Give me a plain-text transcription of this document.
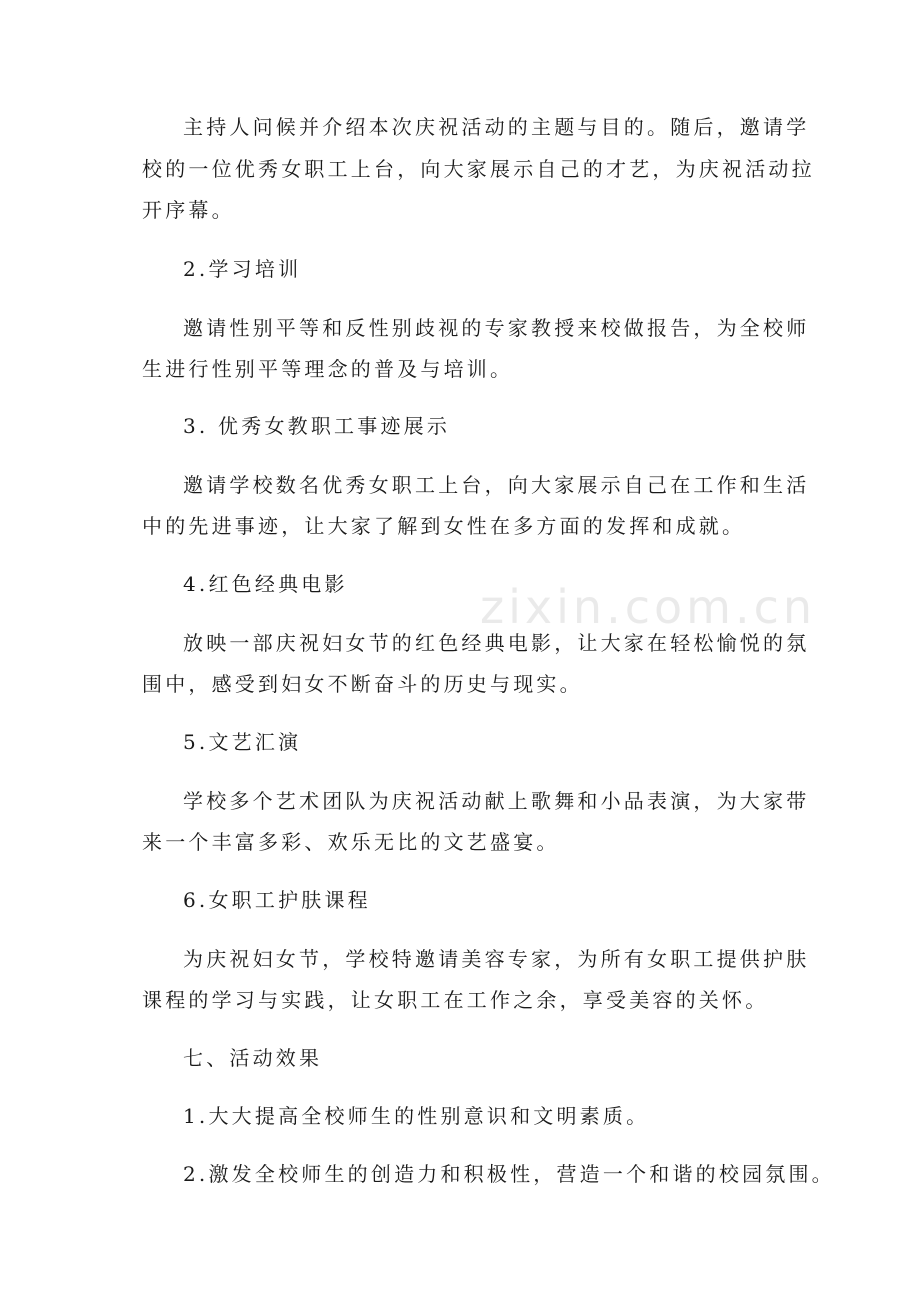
zixin.com.cn
主持人问候并介绍本次庆祝活动的主题与目的。随后，邀请学
校的一位优秀女职工上台，向大家展示自己的才艺，为庆祝活动拉
开序幕。
2.学习培训
邀请性别平等和反性别歧视的专家教授来校做报告，为全校师
生进行性别平等理念的普及与培训。
3. 优秀女教职工事迹展示
邀请学校数名优秀女职工上台，向大家展示自己在工作和生活
中的先进事迹，让大家了解到女性在多方面的发挥和成就。
4.红色经典电影
放映一部庆祝妇女节的红色经典电影，让大家在轻松愉悦的氛
围中，感受到妇女不断奋斗的历史与现实。
5.文艺汇演
学校多个艺术团队为庆祝活动献上歌舞和小品表演，为大家带
来一个丰富多彩、欢乐无比的文艺盛宴。
6.女职工护肤课程
为庆祝妇女节，学校特邀请美容专家，为所有女职工提供护肤
课程的学习与实践，让女职工在工作之余，享受美容的关怀。
七、活动效果
1.大大提高全校师生的性别意识和文明素质。
2.激发全校师生的创造力和积极性，营造一个和谐的校园氛围。
